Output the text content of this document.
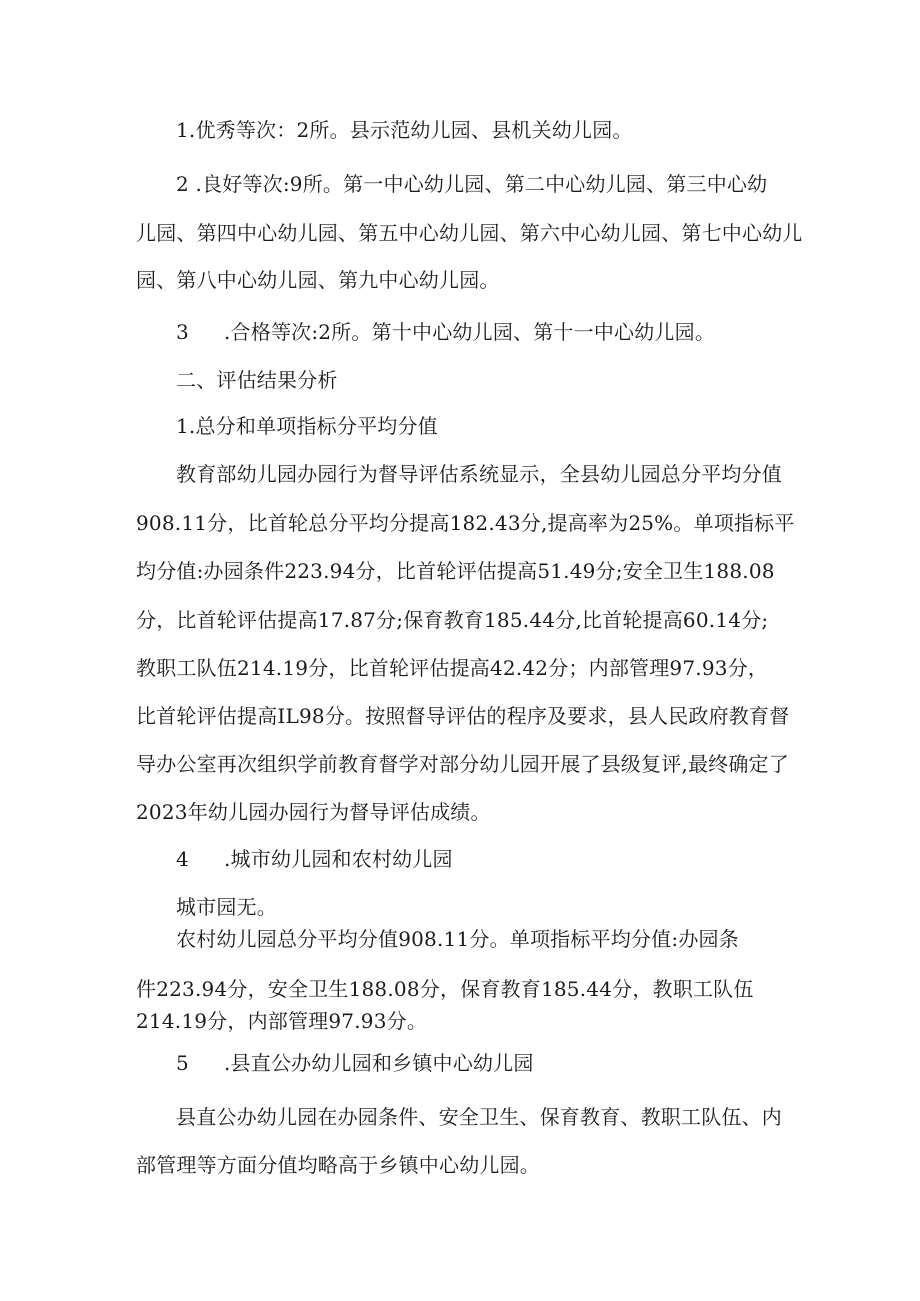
1.优秀等次：2所。县示范幼儿园、县机关幼儿园。
2 .良好等次:9所。第一中心幼儿园、第二中心幼儿园、第三中心幼
儿园、第四中心幼儿园、第五中心幼儿园、第六中心幼儿园、第七中心幼儿
园、第八中心幼儿园、第九中心幼儿园。
3 .合格等次:2所。第十中心幼儿园、第十一中心幼儿园。
二、评估结果分析
1.总分和单项指标分平均分值
教育部幼儿园办园行为督导评估系统显示，全县幼儿园总分平均分值
908.11分，比首轮总分平均分提高182.43分,提高率为25%。单项指标平
均分值:办园条件223.94分，比首轮评估提高51.49分;安全卫生188.08
分，比首轮评估提高17.87分;保育教育185.44分,比首轮提高60.14分;
教职工队伍214.19分，比首轮评估提高42.42分；内部管理97.93分，
比首轮评估提高IL98分。按照督导评估的程序及要求，县人民政府教育督
导办公室再次组织学前教育督学对部分幼儿园开展了县级复评,最终确定了
2023年幼儿园办园行为督导评估成绩。
4 .城市幼儿园和农村幼儿园
城市园无。
农村幼儿园总分平均分值908.11分。单项指标平均分值:办园条
件223.94分，安全卫生188.08分，保育教育185.44分，教职工队伍
214.19分，内部管理97.93分。
5 .县直公办幼儿园和乡镇中心幼儿园
县直公办幼儿园在办园条件、安全卫生、保育教育、教职工队伍、内
部管理等方面分值均略高于乡镇中心幼儿园。
